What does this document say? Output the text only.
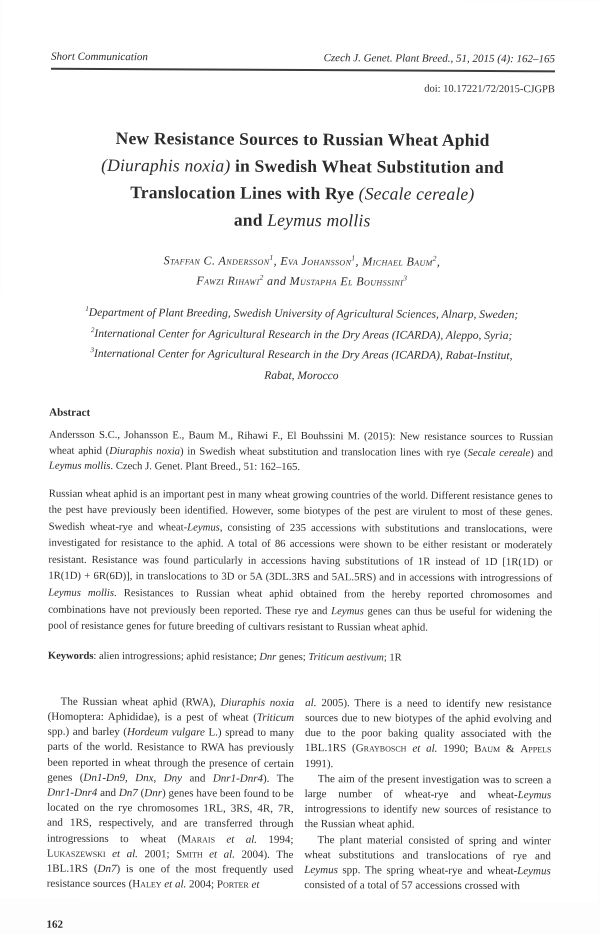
Short Communication	Czech J. Genet. Plant Breed., 51, 2015 (4): 162–165
doi: 10.17221/72/2015-CJGPB
New Resistance Sources to Russian Wheat Aphid
(Diuraphis noxia) in Swedish Wheat Substitution and
Translocation Lines with Rye (Secale cereale)
and Leymus mollis
Staffan C. Andersson$^1$, Eva Johansson$^1$, Michael Baum$^2$,
Fawzi Rihawi$^2$ and Mustapha El Bouhssini$^3$
$^1$Department of Plant Breeding, Swedish University of Agricultural Sciences, Alnarp, Sweden;
$^2$International Center for Agricultural Research in the Dry Areas (ICARDA), Aleppo, Syria;
$^3$International Center for Agricultural Research in the Dry Areas (ICARDA), Rabat-Institut,
Rabat, Morocco
Abstract
Andersson S.C., Johansson E., Baum M., Rihawi F., El Bouhssini M. (2015): New resistance sources to Russian wheat aphid (Diuraphis noxia) in Swedish wheat substitution and translocation lines with rye (Secale cereale) and Leymus mollis. Czech J. Genet. Plant Breed., 51: 162–165.
Russian wheat aphid is an important pest in many wheat growing countries of the world. Different resistance genes to the pest have previously been identified. However, some biotypes of the pest are virulent to most of these genes. Swedish wheat-rye and wheat-Leymus, consisting of 235 accessions with substitutions and translocations, were investigated for resistance to the aphid. A total of 86 accessions were shown to be either resistant or moderately resistant. Resistance was found particularly in accessions having substitutions of 1R instead of 1D [1R(1D) or 1R(1D) + 6R(6D)], in translocations to 3D or 5A (3DL.3RS and 5AL.5RS) and in accessions with introgressions of Leymus mollis. Resistances to Russian wheat aphid obtained from the hereby reported chromosomes and combinations have not previously been reported. These rye and Leymus genes can thus be useful for widening the pool of resistance genes for future breeding of cultivars resistant to Russian wheat aphid.
Keywords: alien introgressions; aphid resistance; Dnr genes; Triticum aestivum; 1R

The Russian wheat aphid (RWA), Diuraphis noxia (Homoptera: Aphididae), is a pest of wheat (Triticum spp.) and barley (Hordeum vulgare L.) spread to many parts of the world. Resistance to RWA has previously been reported in wheat through the presence of certain genes (Dn1-Dn9, Dnx, Dny and Dnr1-Dnr4). The Dnr1-Dnr4 and Dn7 (Dnr) genes have been found to be located on the rye chromosomes 1RL, 3RS, 4R, 7R, and 1RS, respectively, and are transferred through introgressions to wheat (Marais et al. 1994; Lukaszewski et al. 2001; Smith et al. 2004). The 1BL.1RS (Dn7) is one of the most frequently used resistance sources (Haley et al. 2004; Porter et

al. 2005). There is a need to identify new resistance sources due to new biotypes of the aphid evolving and due to the poor baking quality associated with the 1BL.1RS (Graybosch et al. 1990; Baum & Appels 1991).

The aim of the present investigation was to screen a large number of wheat-rye and wheat-Leymus introgressions to identify new sources of resistance to the Russian wheat aphid.

The plant material consisted of spring and winter wheat substitutions and translocations of rye and Leymus spp. The spring wheat-rye and wheat-Leymus consisted of a total of 57 accessions crossed with

162
